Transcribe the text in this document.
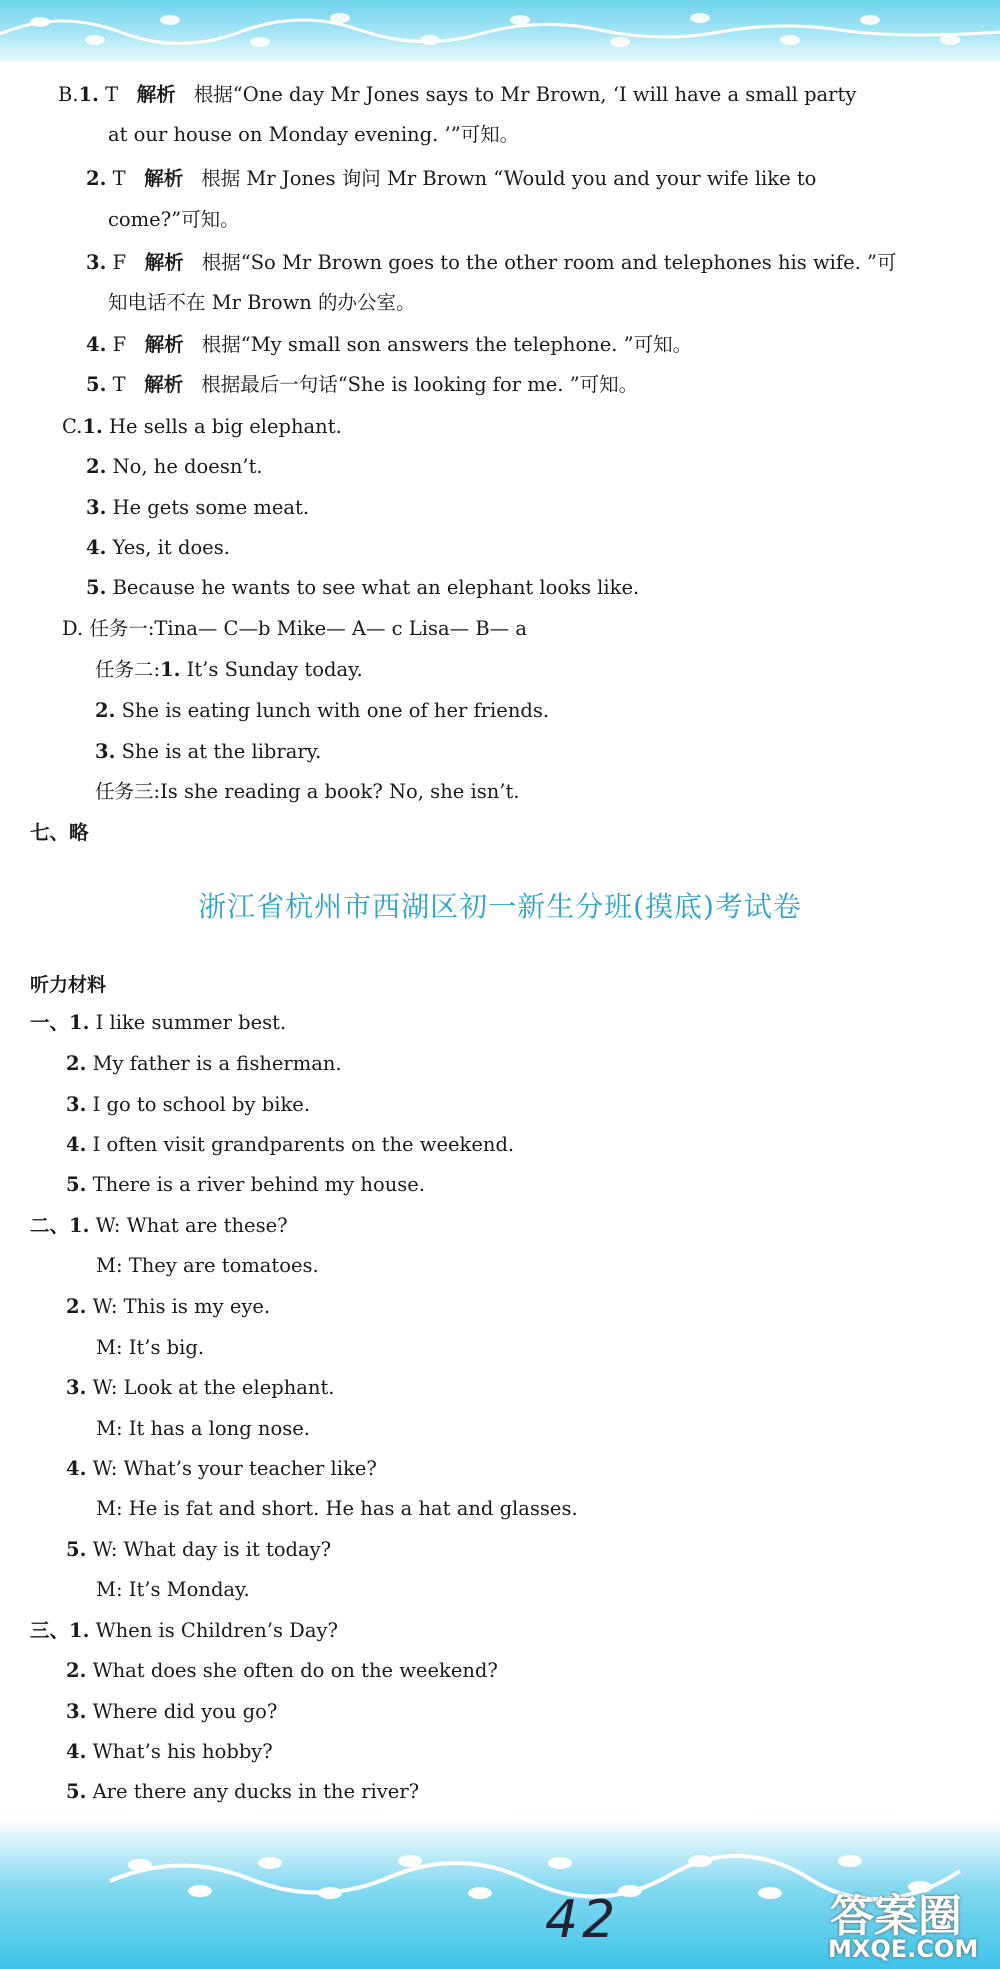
B.1. T 解析 根据“One day Mr Jones says to Mr Brown, ‘I will have a small party
at our house on Monday evening. ’”可知。
2. T 解析 根据 Mr Jones 询问 Mr Brown “Would you and your wife like to
come?”可知。
3. F 解析 根据“So Mr Brown goes to the other room and telephones his wife. ”可
知电话不在 Mr Brown 的办公室。
4. F 解析 根据“My small son answers the telephone. ”可知。
5. T 解析 根据最后一句话“She is looking for me. ”可知。
C.1. He sells a big elephant.
2. No, he doesn’t.
3. He gets some meat.
4. Yes, it does.
5. Because he wants to see what an elephant looks like.
D. 任务一:Tina— C—b Mike— A— c Lisa— B— a
任务二:1. It’s Sunday today.
2. She is eating lunch with one of her friends.
3. She is at the library.
任务三:Is she reading a book? No, she isn’t.
七、略
浙江省杭州市西湖区初一新生分班(摸底)考试卷
听力材料
一、1. I like summer best.
2. My father is a fisherman.
3. I go to school by bike.
4. I often visit grandparents on the weekend.
5. There is a river behind my house.
二、1. W: What are these?
M: They are tomatoes.
2. W: This is my eye.
M: It’s big.
3. W: Look at the elephant.
M: It has a long nose.
4. W: What’s your teacher like?
M: He is fat and short. He has a hat and glasses.
5. W: What day is it today?
M: It’s Monday.
三、1. When is Children’s Day?
2. What does she often do on the weekend?
3. Where did you go?
4. What’s his hobby?
5. Are there any ducks in the river?
42	答案圈
MXQE.COM
